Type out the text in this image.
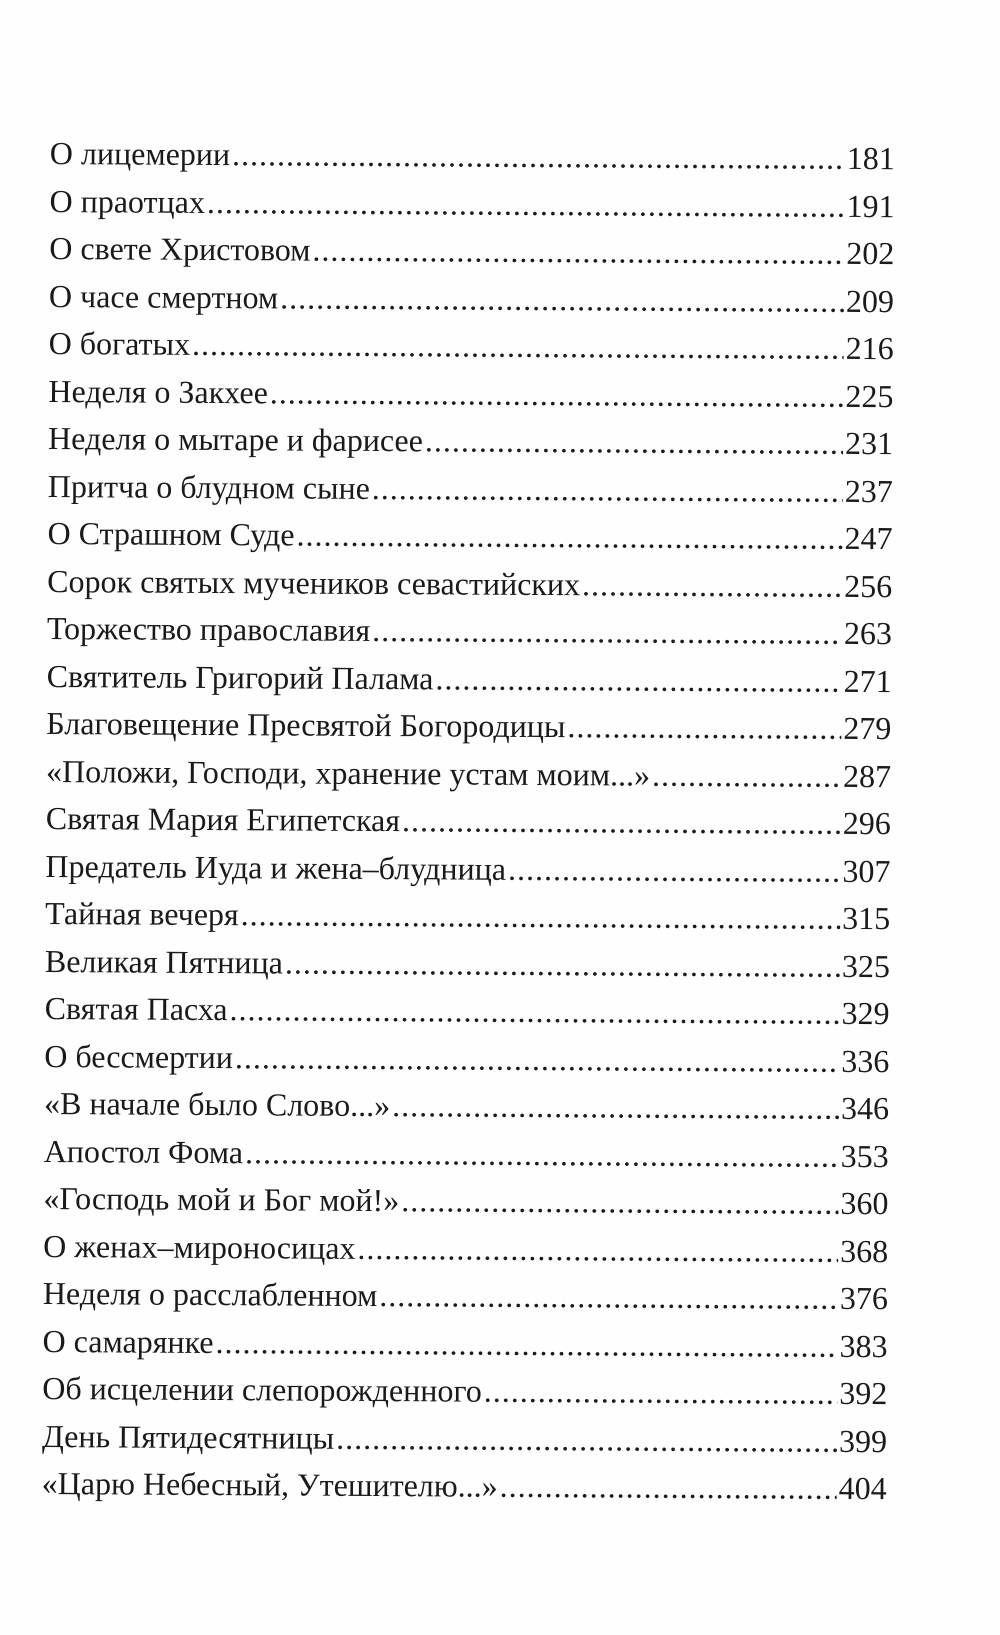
О лицемерии .....	181
О праотцах .....	191
О свете Христовом .....	202
О часе смертном .....	209
О богатых .....	216
Неделя о Закхее .....	225
Неделя о мытаре и фарисее .....	231
Притча о блудном сыне .....	237
О Страшном Суде .....	247
Сорок святых мучеников севастийских .....	256
Торжество православия .....	263
Святитель Григорий Палама .....	271
Благовещение Пресвятой Богородицы .....	279
«Положи, Господи, хранение устам моим...» .....	287
Святая Мария Египетская .....	296
Предатель Иуда и жена–блудница .....	307
Тайная вечеря .....	315
Великая Пятница .....	325
Святая Пасха .....	329
О бессмертии .....	336
«В начале было Слово...» .....	346
Апостол Фома .....	353
«Господь мой и Бог мой!» .....	360
О женах–мироносицах .....	368
Неделя о расслабленном .....	376
О самарянке .....	383
Об исцелении слепорожденного .....	392
День Пятидесятницы .....	399
«Царю Небесный, Утешителю...» .....	404
